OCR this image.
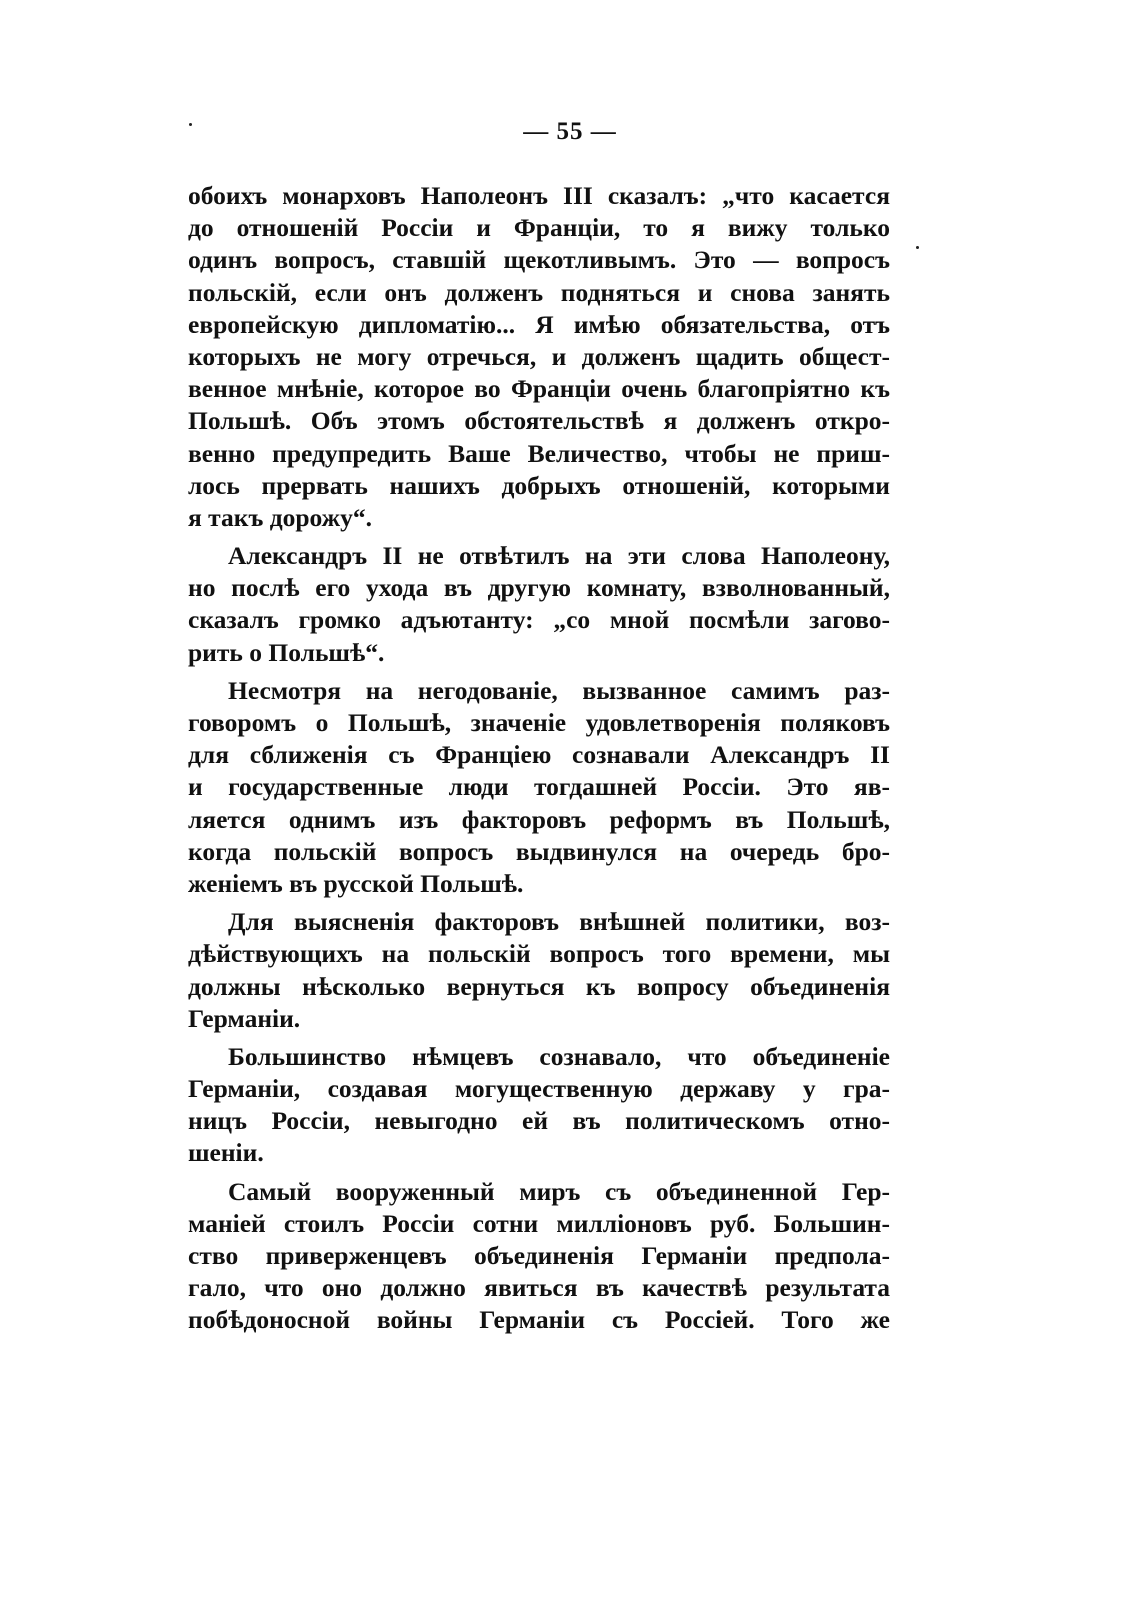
— 55 —
обоихъ монарховъ Наполеонъ III сказалъ: „что касается
до отношеній Россіи и Франціи, то я вижу только
одинъ вопросъ, ставшій щекотливымъ. Это — вопросъ
польскій, если онъ долженъ подняться и снова занять
европейскую дипломатію... Я имѣю обязательства, отъ
которыхъ не могу отречься, и долженъ щадить общест-
венное мнѣніе, которое во Франціи очень благопріятно къ
Польшѣ. Объ этомъ обстоятельствѣ я долженъ откро-
венно предупредить Ваше Величество, чтобы не приш-
лось прервать нашихъ добрыхъ отношеній, которыми
я такъ дорожу“.
Александръ II не отвѣтилъ на эти слова Наполеону,
но послѣ его ухода въ другую комнату, взволнованный,
сказалъ громко адъютанту: „со мной посмѣли загово-
рить о Польшѣ“.
Несмотря на негодованіе, вызванное самимъ раз-
говоромъ о Польшѣ, значеніе удовлетворенія поляковъ
для сближенія съ Франціею сознавали Александръ II
и государственные люди тогдашней Россіи. Это яв-
ляется однимъ изъ факторовъ реформъ въ Польшѣ,
когда польскій вопросъ выдвинулся на очередь бро-
женіемъ въ русской Польшѣ.
Для выясненія факторовъ внѣшней политики, воз-
дѣйствующихъ на польскій вопросъ того времени, мы
должны нѣсколько вернуться къ вопросу объединенія
Германіи.
Большинство нѣмцевъ сознавало, что объединеніе
Германіи, создавая могущественную державу у гра-
ницъ Россіи, невыгодно ей въ политическомъ отно-
шеніи.
Самый вооруженный миръ съ объединенной Гер-
маніей стоилъ Россіи сотни милліоновъ руб. Большин-
ство приверженцевъ объединенія Германіи предпола-
гало, что оно должно явиться въ качествѣ результата
побѣдоносной войны Германіи съ Россіей. Того же
